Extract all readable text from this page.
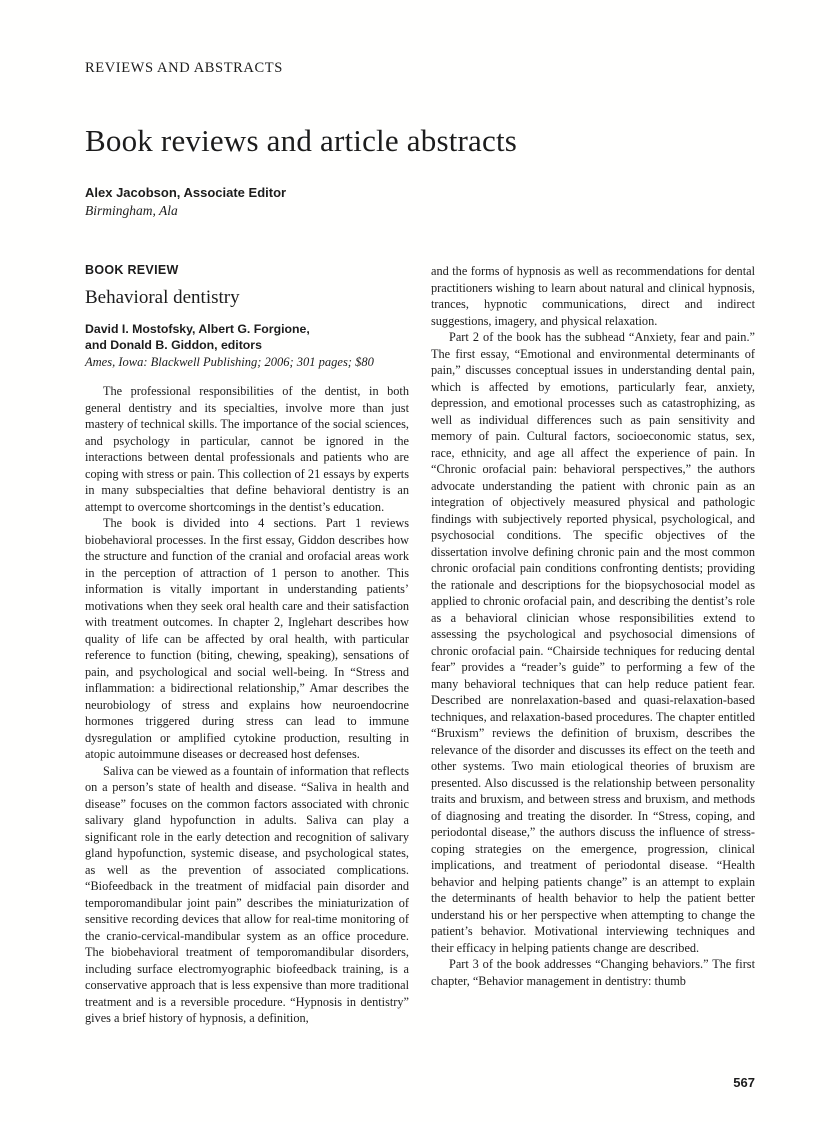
REVIEWS AND ABSTRACTS
Book reviews and article abstracts
Alex Jacobson, Associate Editor
Birmingham, Ala
BOOK REVIEW
Behavioral dentistry
David I. Mostofsky, Albert G. Forgione,
and Donald B. Giddon, editors
Ames, Iowa: Blackwell Publishing; 2006; 301 pages; $80

The professional responsibilities of the dentist, in both general dentistry and its specialties, involve more than just mastery of technical skills. The importance of the social sciences, and psychology in particular, cannot be ignored in the interactions between dental professionals and patients who are coping with stress or pain. This collection of 21 essays by experts in many subspecialties that define behavioral dentistry is an attempt to overcome shortcomings in the dentist’s education.

The book is divided into 4 sections. Part 1 reviews biobehavioral processes. In the first essay, Giddon describes how the structure and function of the cranial and orofacial areas work in the perception of attraction of 1 person to another. This information is vitally important in understanding patients’ motivations when they seek oral health care and their satisfaction with treatment outcomes. In chapter 2, Inglehart describes how quality of life can be affected by oral health, with particular reference to function (biting, chewing, speaking), sensations of pain, and psychological and social well-being. In “Stress and inflammation: a bidirectional relationship,” Amar describes the neurobiology of stress and explains how neuroendocrine hormones triggered during stress can lead to immune dysregulation or amplified cytokine production, resulting in atopic autoimmune diseases or decreased host defenses.

Saliva can be viewed as a fountain of information that reflects on a person’s state of health and disease. “Saliva in health and disease” focuses on the common factors associated with chronic salivary gland hypofunction in adults. Saliva can play a significant role in the early detection and recognition of salivary gland hypofunction, systemic disease, and psychological states, as well as the prevention of associated complications. “Biofeedback in the treatment of midfacial pain disorder and temporomandibular joint pain” describes the miniaturization of sensitive recording devices that allow for real-time monitoring of the cranio-cervical-mandibular system as an office procedure. The biobehavioral treatment of temporomandibular disorders, including surface electromyographic biofeedback training, is a conservative approach that is less expensive than more traditional treatment and is a reversible procedure. “Hypnosis in dentistry” gives a brief history of hypnosis, a definition,

and the forms of hypnosis as well as recommendations for dental practitioners wishing to learn about natural and clinical hypnosis, trances, hypnotic communications, direct and indirect suggestions, imagery, and physical relaxation.

Part 2 of the book has the subhead “Anxiety, fear and pain.” The first essay, “Emotional and environmental determinants of pain,” discusses conceptual issues in understanding dental pain, which is affected by emotions, particularly fear, anxiety, depression, and emotional processes such as catastrophizing, as well as individual differences such as pain sensitivity and memory of pain. Cultural factors, socioeconomic status, sex, race, ethnicity, and age all affect the experience of pain. In “Chronic orofacial pain: behavioral perspectives,” the authors advocate understanding the patient with chronic pain as an integration of objectively measured physical and pathologic findings with subjectively reported physical, psychological, and psychosocial conditions. The specific objectives of the dissertation involve defining chronic pain and the most common chronic orofacial pain conditions confronting dentists; providing the rationale and descriptions for the biopsychosocial model as applied to chronic orofacial pain, and describing the dentist’s role as a behavioral clinician whose responsibilities extend to assessing the psychological and psychosocial dimensions of chronic orofacial pain. “Chairside techniques for reducing dental fear” provides a “reader’s guide” to performing a few of the many behavioral techniques that can help reduce patient fear. Described are nonrelaxation-based and quasi-relaxation-based techniques, and relaxation-based procedures. The chapter entitled “Bruxism” reviews the definition of bruxism, describes the relevance of the disorder and discusses its effect on the teeth and other systems. Two main etiological theories of bruxism are presented. Also discussed is the relationship between personality traits and bruxism, and between stress and bruxism, and methods of diagnosing and treating the disorder. In “Stress, coping, and periodontal disease,” the authors discuss the influence of stress-coping strategies on the emergence, progression, clinical implications, and treatment of periodontal disease. “Health behavior and helping patients change” is an attempt to explain the determinants of health behavior to help the patient better understand his or her perspective when attempting to change the patient’s behavior. Motivational interviewing techniques and their efficacy in helping patients change are described.

Part 3 of the book addresses “Changing behaviors.” The first chapter, “Behavior management in dentistry: thumb

567
